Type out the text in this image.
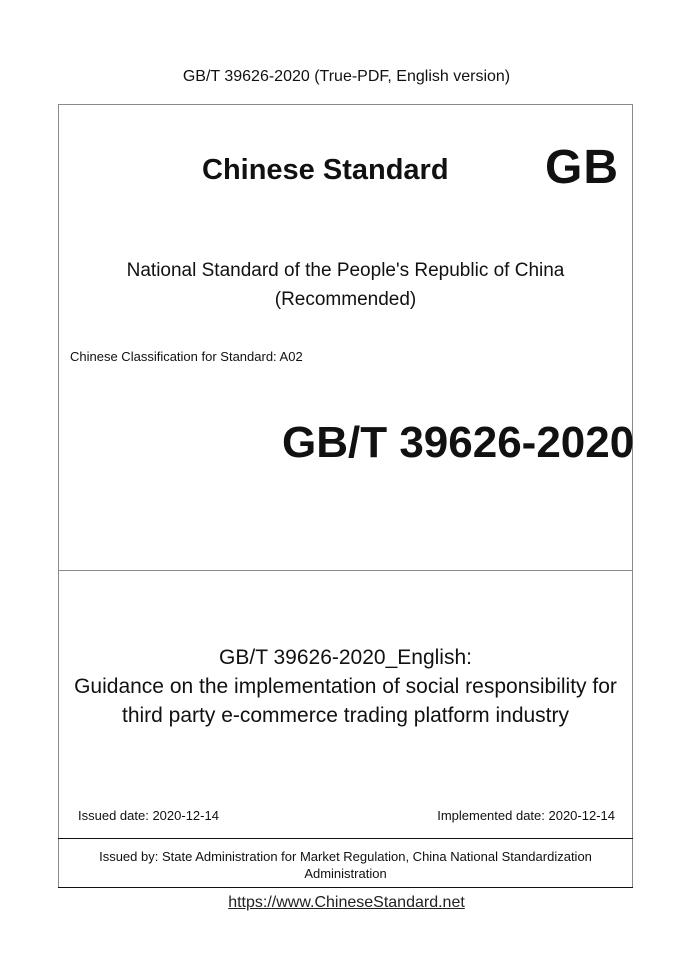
GB/T 39626-2020 (True-PDF, English version)
Chinese Standard GB
National Standard of the People's Republic of China
(Recommended)
Chinese Classification for Standard: A02
GB/T 39626-2020
GB/T 39626-2020_English:
Guidance on the implementation of social responsibility for
third party e-commerce trading platform industry
Issued date: 2020-12-14	Implemented date: 2020-12-14
Issued by: State Administration for Market Regulation, China National Standardization
Administration
https://www.ChineseStandard.net
